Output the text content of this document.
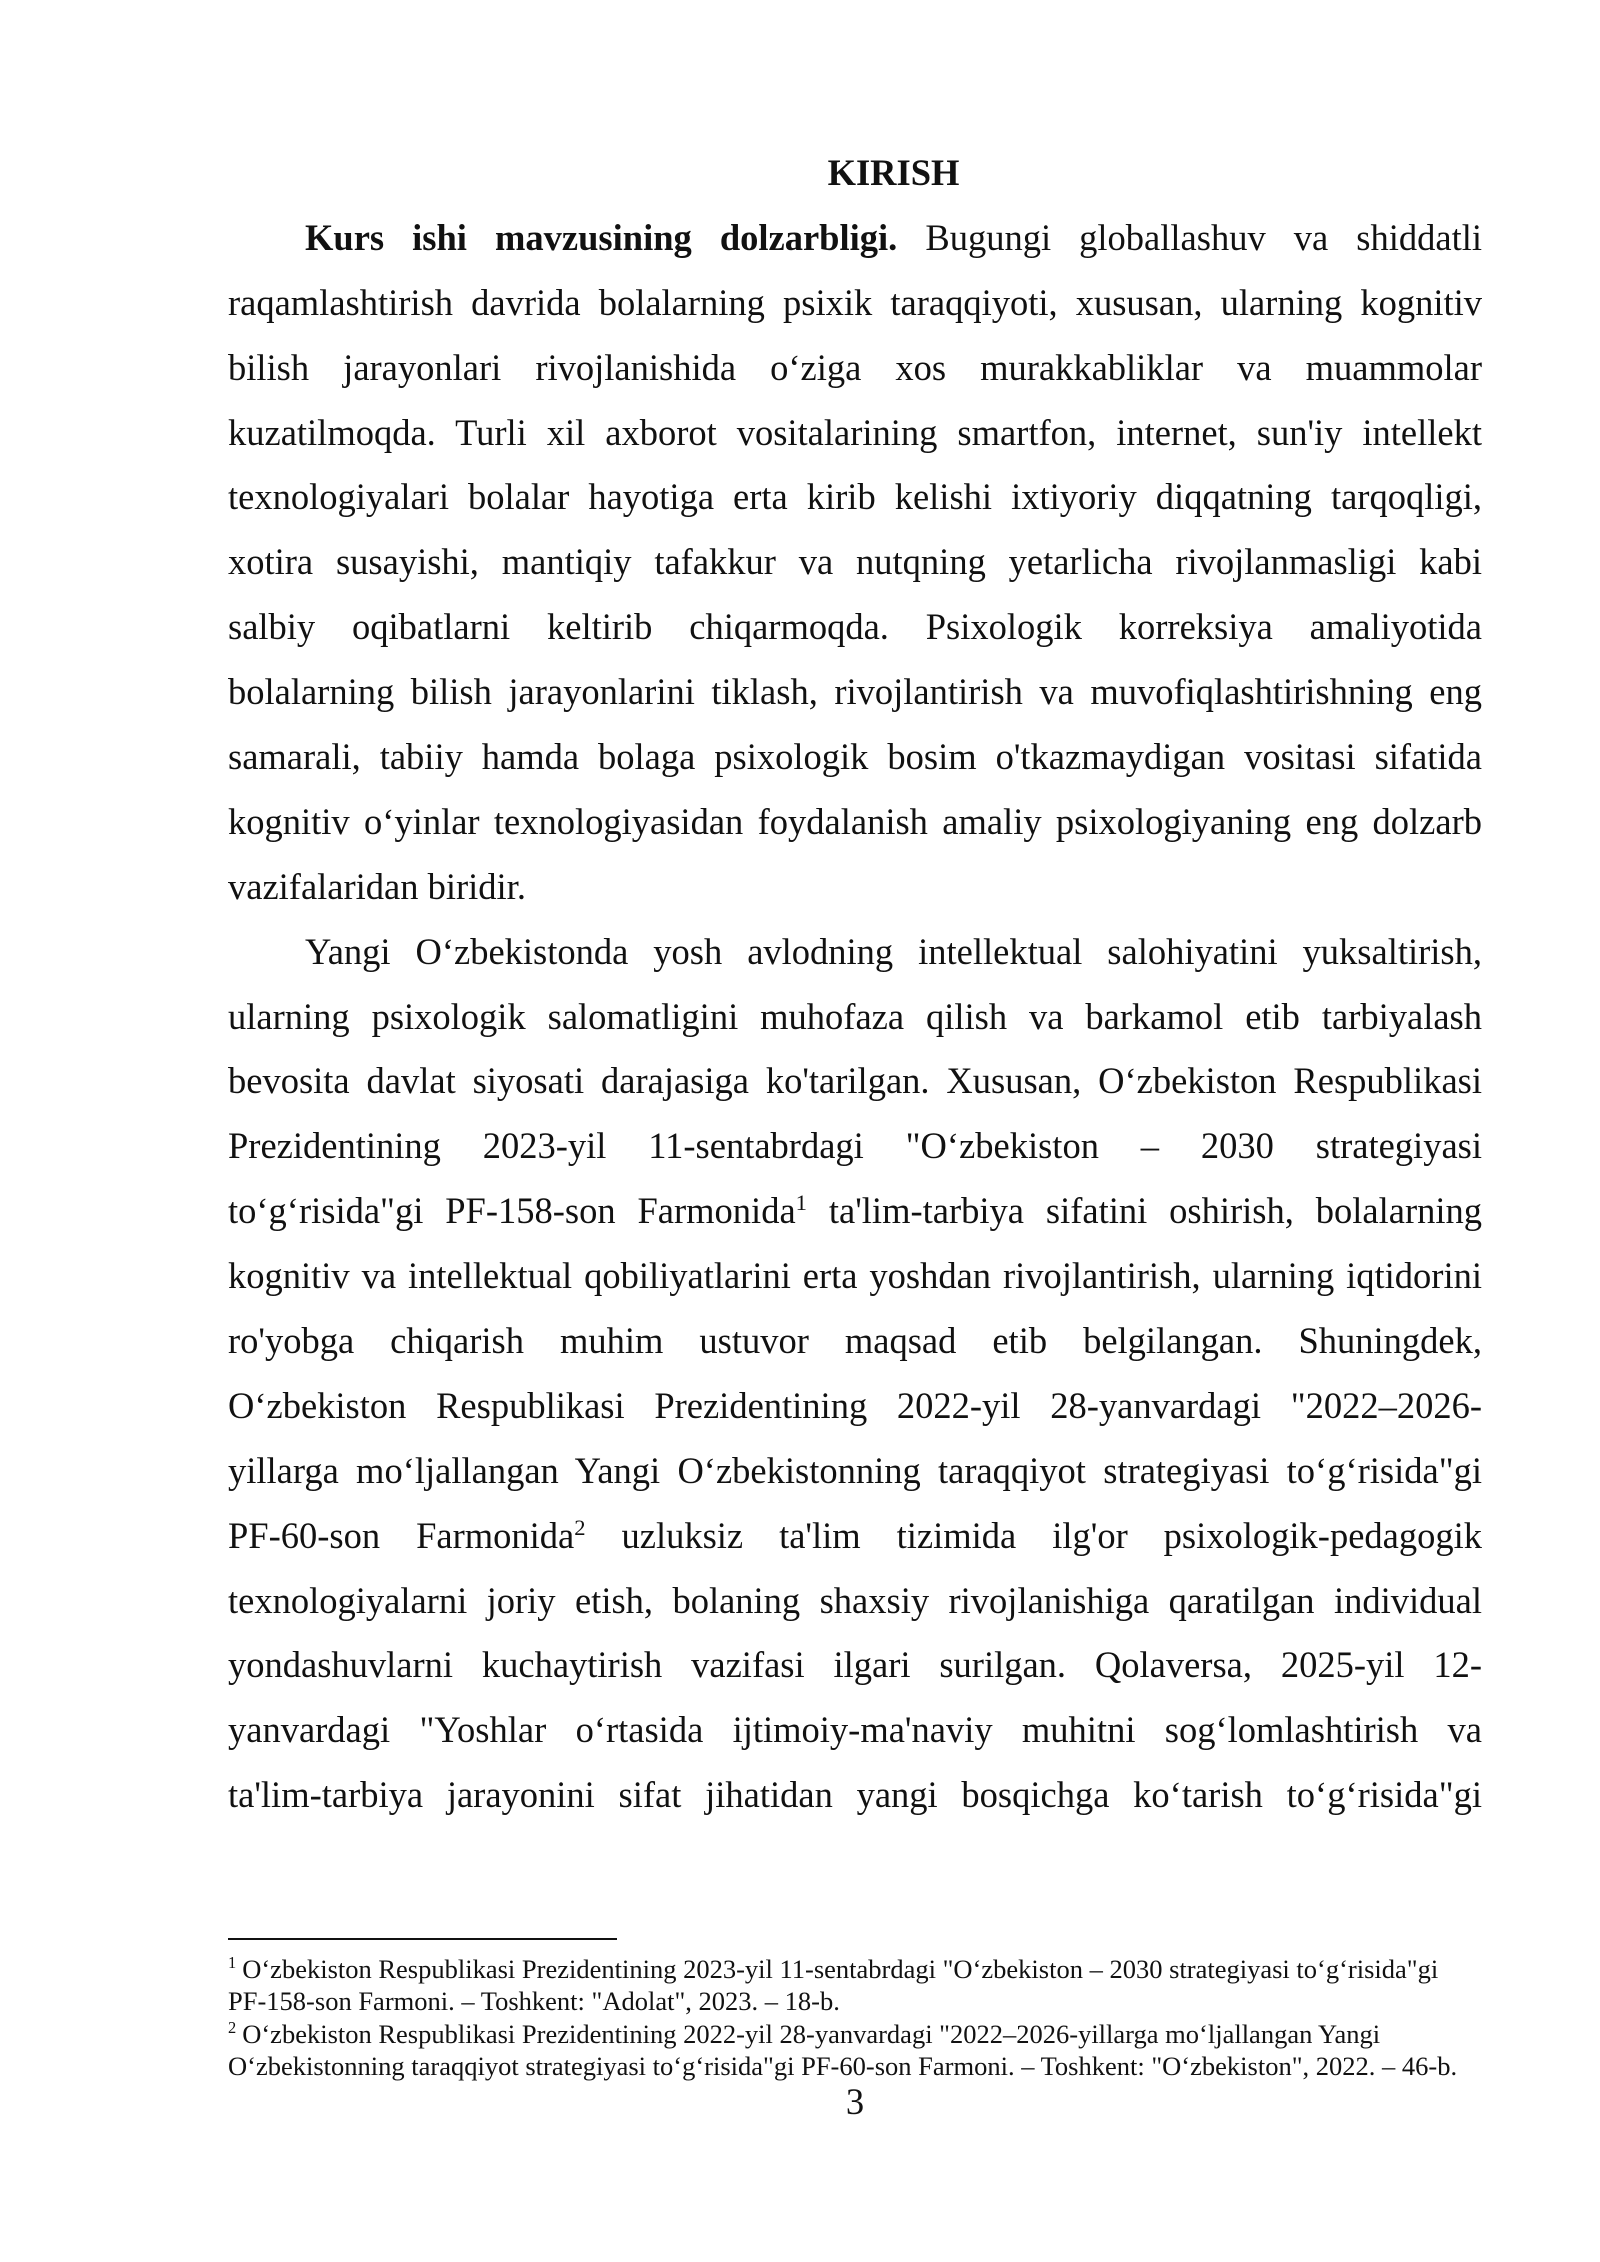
KIRISH
Kurs ishi mavzusining dolzarbligi. Bugungi globallashuv va shiddatli
raqamlashtirish davrida bolalarning psixik taraqqiyoti, xususan, ularning kognitiv
bilish jarayonlari rivojlanishida o‘ziga xos murakkabliklar va muammolar
kuzatilmoqda. Turli xil axborot vositalarining smartfon, internet, sun'iy intellekt
texnologiyalari bolalar hayotiga erta kirib kelishi ixtiyoriy diqqatning tarqoqligi,
xotira susayishi, mantiqiy tafakkur va nutqning yetarlicha rivojlanmasligi kabi
salbiy oqibatlarni keltirib chiqarmoqda. Psixologik korreksiya amaliyotida
bolalarning bilish jarayonlarini tiklash, rivojlantirish va muvofiqlashtirishning eng
samarali, tabiiy hamda bolaga psixologik bosim o'tkazmaydigan vositasi sifatida
kognitiv o‘yinlar texnologiyasidan foydalanish amaliy psixologiyaning eng dolzarb
vazifalaridan biridir.
Yangi O‘zbekistonda yosh avlodning intellektual salohiyatini yuksaltirish,
ularning psixologik salomatligini muhofaza qilish va barkamol etib tarbiyalash
bevosita davlat siyosati darajasiga ko'tarilgan. Xususan, O‘zbekiston Respublikasi
Prezidentining 2023-yil 11-sentabrdagi "O‘zbekiston – 2030 strategiyasi
to‘g‘risida"gi PF-158-son Farmonida$^1$ ta'lim-tarbiya sifatini oshirish, bolalarning
kognitiv va intellektual qobiliyatlarini erta yoshdan rivojlantirish, ularning iqtidorini
ro'yobga chiqarish muhim ustuvor maqsad etib belgilangan. Shuningdek,
O‘zbekiston Respublikasi Prezidentining 2022-yil 28-yanvardagi "2022–2026-
yillarga mo‘ljallangan Yangi O‘zbekistonning taraqqiyot strategiyasi to‘g‘risida"gi
PF-60-son Farmonida$^2$ uzluksiz ta'lim tizimida ilg'or psixologik-pedagogik
texnologiyalarni joriy etish, bolaning shaxsiy rivojlanishiga qaratilgan individual
yondashuvlarni kuchaytirish vazifasi ilgari surilgan. Qolaversa, 2025-yil 12-
yanvardagi "Yoshlar o‘rtasida ijtimoiy-ma'naviy muhitni sog‘lomlashtirish va
ta'lim-tarbiya jarayonini sifat jihatidan yangi bosqichga ko‘tarish to‘g‘risida"gi
$^1$ O‘zbekiston Respublikasi Prezidentining 2023-yil 11-sentabrdagi "O‘zbekiston – 2030 strategiyasi to‘g‘risida"gi
PF-158-son Farmoni. – Toshkent: "Adolat", 2023. – 18-b.
$^2$ O‘zbekiston Respublikasi Prezidentining 2022-yil 28-yanvardagi "2022–2026-yillarga mo‘ljallangan Yangi
O‘zbekistonning taraqqiyot strategiyasi to‘g‘risida"gi PF-60-son Farmoni. – Toshkent: "O‘zbekiston", 2022. – 46-b.
3
